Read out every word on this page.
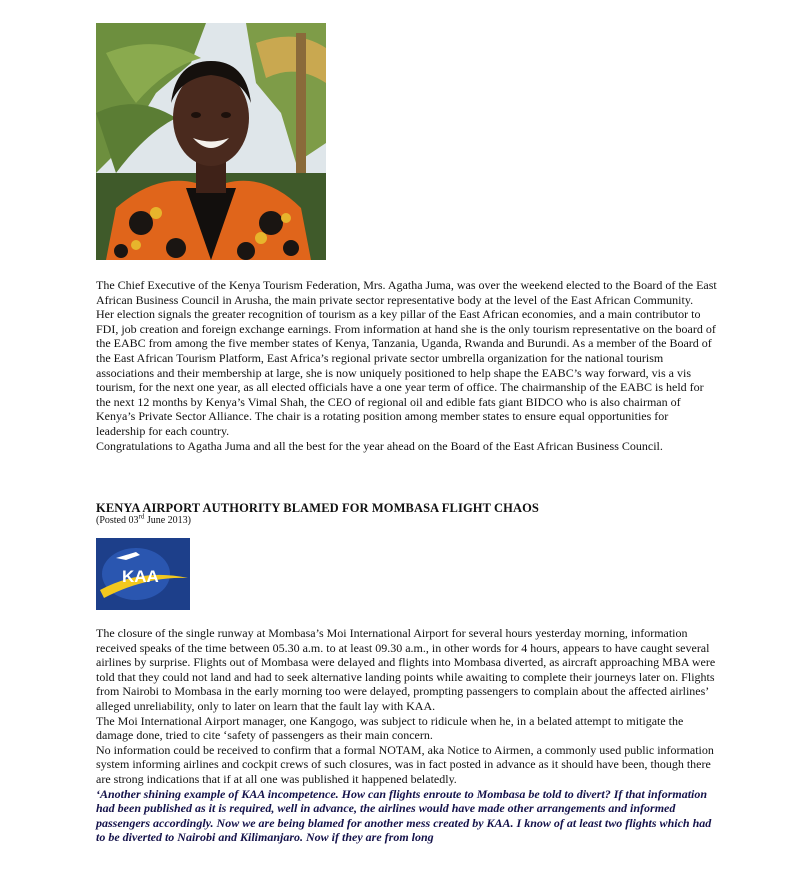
The Chief Executive of the Kenya Tourism Federation, Mrs. Agatha Juma, was over the weekend elected to the Board of the East African Business Council in Arusha, the main private sector representative body at the level of the East African Community.

Her election signals the greater recognition of tourism as a key pillar of the East African economies, and a main contributor to FDI, job creation and foreign exchange earnings. From information at hand she is the only tourism representative on the board of the EABC from among the five member states of Kenya, Tanzania, Uganda, Rwanda and Burundi. As a member of the Board of the East African Tourism Platform, East Africa’s regional private sector umbrella organization for the national tourism associations and their membership at large, she is now uniquely positioned to help shape the EABC’s way forward, vis a vis tourism, for the next one year, as all elected officials have a one year term of office. The chairmanship of the EABC is held for the next 12 months by Kenya’s Vimal Shah, the CEO of regional oil and edible fats giant BIDCO who is also chairman of Kenya’s Private Sector Alliance. The chair is a rotating position among member states to ensure equal opportunities for leadership for each country.

Congratulations to Agatha Juma and all the best for the year ahead on the Board of the East African Business Council.

KENYA AIRPORT AUTHORITY BLAMED FOR MOMBASA FLIGHT CHAOS
(Posted 03rd June 2013)
KAA

The closure of the single runway at Mombasa’s Moi International Airport for several hours yesterday morning, information received speaks of the time between 05.30 a.m. to at least 09.30 a.m., in other words for 4 hours, appears to have caught several airlines by surprise. Flights out of Mombasa were delayed and flights into Mombasa diverted, as aircraft approaching MBA were told that they could not land and had to seek alternative landing points while awaiting to complete their journeys later on. Flights from Nairobi to Mombasa in the early morning too were delayed, prompting passengers to complain about the affected airlines’ alleged unreliability, only to later on learn that the fault lay with KAA.

The Moi International Airport manager, one Kangogo, was subject to ridicule when he, in a belated attempt to mitigate the damage done, tried to cite ‘safety of passengers as their main concern.

No information could be received to confirm that a formal NOTAM, aka Notice to Airmen, a commonly used public information system informing airlines and cockpit crews of such closures, was in fact posted in advance as it should have been, though there are strong indications that if at all one was published it happened belatedly.

‘Another shining example of KAA incompetence. How can flights enroute to Mombasa be told to divert? If that information had been published as it is required, well in advance, the airlines would have made other arrangements and informed passengers accordingly. Now we are being blamed for another mess created by KAA. I know of at least two flights which had to be diverted to Nairobi and Kilimanjaro. Now if they are from long
